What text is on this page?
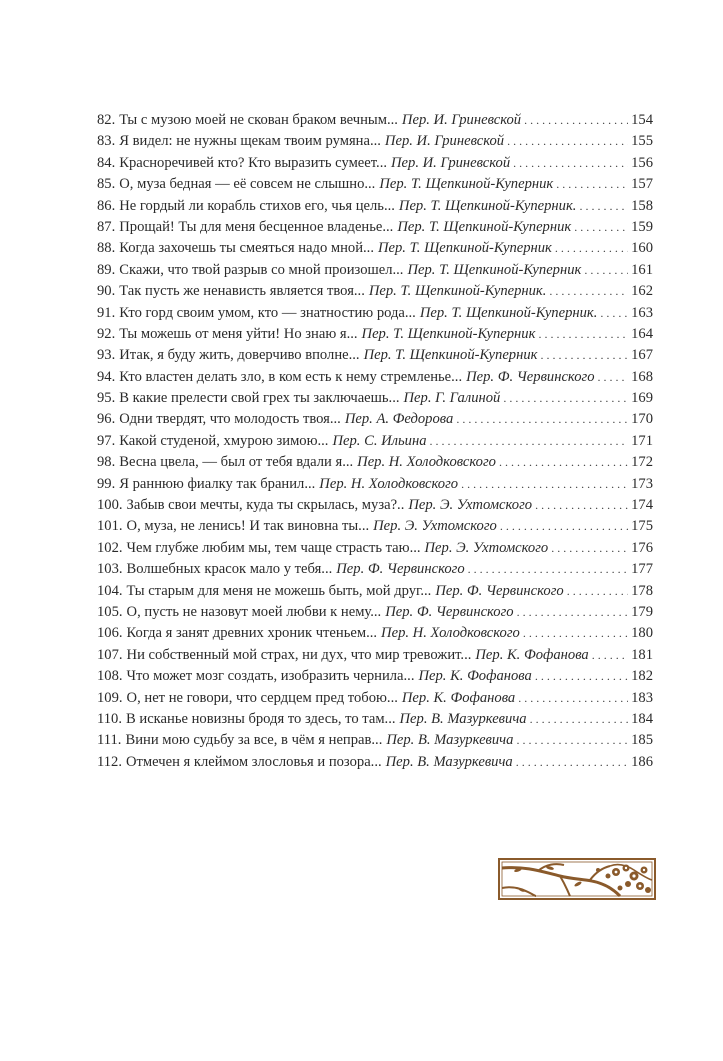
82. Ты с музою моей не скован браком вечным... Пер. И. Гриневской . . .	154
83. Я видел: не нужны щекам твоим румяна... Пер. И. Гриневской . . .	155
84. Красноречивей кто? Кто выразить сумеет... Пер. И. Гриневской . . .	156
85. О, муза бедная — её совсем не слышно... Пер. Т. Щепкиной-Куперник . . .	157
86. Не гордый ли корабль стихов его, чья цель... Пер. Т. Щепкиной-Куперник. . . .	158
87. Прощай! Ты для меня бесценное владенье... Пер. Т. Щепкиной-Куперник . . .	159
88. Когда захочешь ты смеяться надо мной... Пер. Т. Щепкиной-Куперник . . .	160
89. Скажи, что твой разрыв со мной произошел... Пер. Т. Щепкиной-Куперник . . .	161
90. Так пусть же ненависть является твоя... Пер. Т. Щепкиной-Куперник. . . .	162
91. Кто горд своим умом, кто — знатностию рода... Пер. Т. Щепкиной-Куперник. . . . 163
92. Ты можешь от меня уйти! Но знаю я... Пер. Т. Щепкиной-Куперник . . .	164
93. Итак, я буду жить, доверчиво вполне... Пер. Т. Щепкиной-Куперник . . .	167
94. Кто властен делать зло, в ком есть к нему стремленье... Пер. Ф. Червинского . . .	168
95. В какие прелести свой грех ты заключаешь... Пер. Г. Галиной . . .	169
96. Одни твердят, что молодость твоя... Пер. А. Федорова . . .	170
97. Какой студеной, хмурою зимою... Пер. С. Ильина . . .	171
98. Весна цвела, — был от тебя вдали я... Пер. Н. Холодковского . . .	172
99. Я раннюю фиалку так бранил... Пер. Н. Холодковского . . .	173
100. Забыв свои мечты, куда ты скрылась, муза?.. Пер. Э. Ухтомского . . .	174
101. О, муза, не ленись! И так виновна ты... Пер. Э. Ухтомского . . .	175
102. Чем глубже любим мы, тем чаще страсть таю... Пер. Э. Ухтомского . . .	176
103. Волшебных красок мало у тебя... Пер. Ф. Червинского . . .	177
104. Ты старым для меня не можешь быть, мой друг... Пер. Ф. Червинского . . .	178
105. О, пусть не назовут моей любви к нему... Пер. Ф. Червинского . . .	179
106. Когда я занят древних хроник чтеньем... Пер. Н. Холодковского . . .	180
107. Ни собственный мой страх, ни дух, что мир тревожит... Пер. К. Фофанова . . .	181
108. Что может мозг создать, изобразить чернила... Пер. К. Фофанова . . .	182
109. О, нет не говори, что сердцем пред тобою... Пер. К. Фофанова . . .	183
110. В исканье новизны бродя то здесь, то там... Пер. В. Мазуркевича . . .	184
111. Вини мою судьбу за все, в чём я неправ... Пер. В. Мазуркевича . . .	185
112. Отмечен я клеймом злословья и позора... Пер. В. Мазуркевича . . .	186
